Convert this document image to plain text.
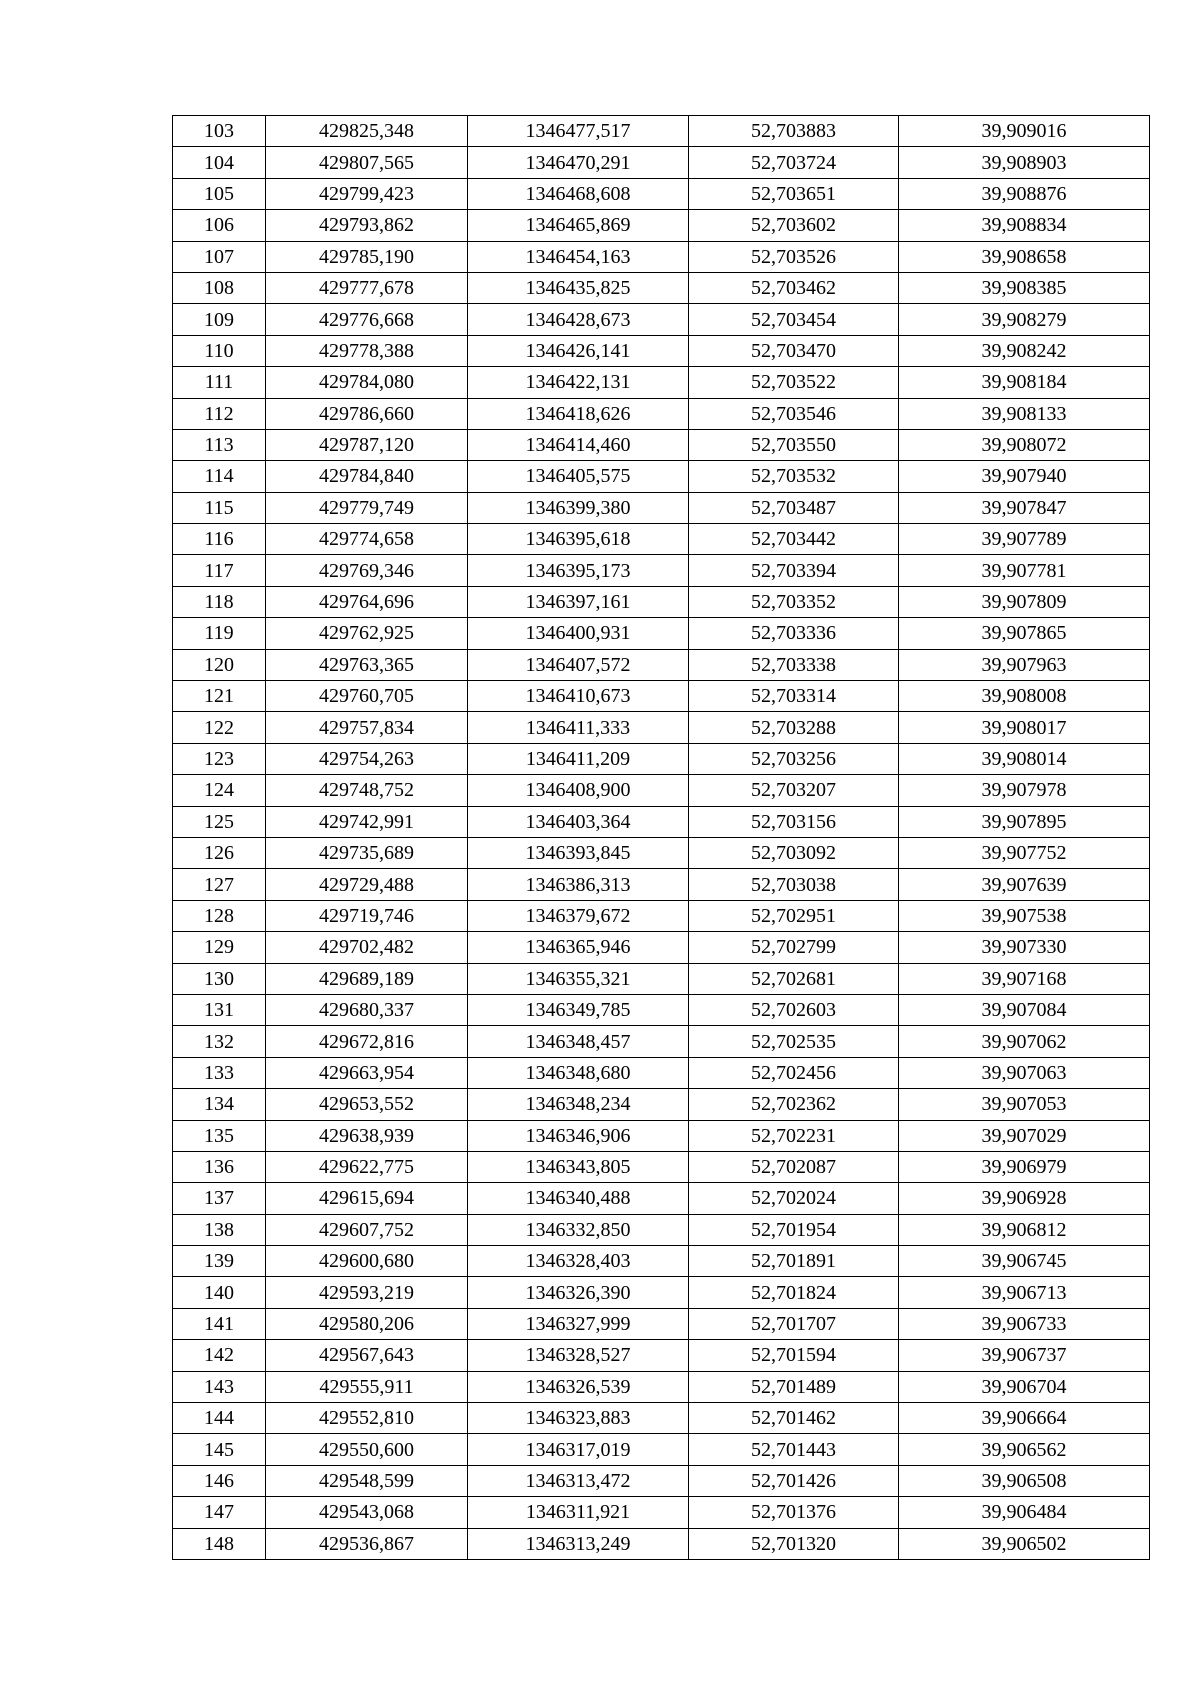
103	429825,348	1346477,517	52,703883	39,909016
104	429807,565	1346470,291	52,703724	39,908903
105	429799,423	1346468,608	52,703651	39,908876
106	429793,862	1346465,869	52,703602	39,908834
107	429785,190	1346454,163	52,703526	39,908658
108	429777,678	1346435,825	52,703462	39,908385
109	429776,668	1346428,673	52,703454	39,908279
110	429778,388	1346426,141	52,703470	39,908242
111	429784,080	1346422,131	52,703522	39,908184
112	429786,660	1346418,626	52,703546	39,908133
113	429787,120	1346414,460	52,703550	39,908072
114	429784,840	1346405,575	52,703532	39,907940
115	429779,749	1346399,380	52,703487	39,907847
116	429774,658	1346395,618	52,703442	39,907789
117	429769,346	1346395,173	52,703394	39,907781
118	429764,696	1346397,161	52,703352	39,907809
119	429762,925	1346400,931	52,703336	39,907865
120	429763,365	1346407,572	52,703338	39,907963
121	429760,705	1346410,673	52,703314	39,908008
122	429757,834	1346411,333	52,703288	39,908017
123	429754,263	1346411,209	52,703256	39,908014
124	429748,752	1346408,900	52,703207	39,907978
125	429742,991	1346403,364	52,703156	39,907895
126	429735,689	1346393,845	52,703092	39,907752
127	429729,488	1346386,313	52,703038	39,907639
128	429719,746	1346379,672	52,702951	39,907538
129	429702,482	1346365,946	52,702799	39,907330
130	429689,189	1346355,321	52,702681	39,907168
131	429680,337	1346349,785	52,702603	39,907084
132	429672,816	1346348,457	52,702535	39,907062
133	429663,954	1346348,680	52,702456	39,907063
134	429653,552	1346348,234	52,702362	39,907053
135	429638,939	1346346,906	52,702231	39,907029
136	429622,775	1346343,805	52,702087	39,906979
137	429615,694	1346340,488	52,702024	39,906928
138	429607,752	1346332,850	52,701954	39,906812
139	429600,680	1346328,403	52,701891	39,906745
140	429593,219	1346326,390	52,701824	39,906713
141	429580,206	1346327,999	52,701707	39,906733
142	429567,643	1346328,527	52,701594	39,906737
143	429555,911	1346326,539	52,701489	39,906704
144	429552,810	1346323,883	52,701462	39,906664
145	429550,600	1346317,019	52,701443	39,906562
146	429548,599	1346313,472	52,701426	39,906508
147	429543,068	1346311,921	52,701376	39,906484
148	429536,867	1346313,249	52,701320	39,906502
